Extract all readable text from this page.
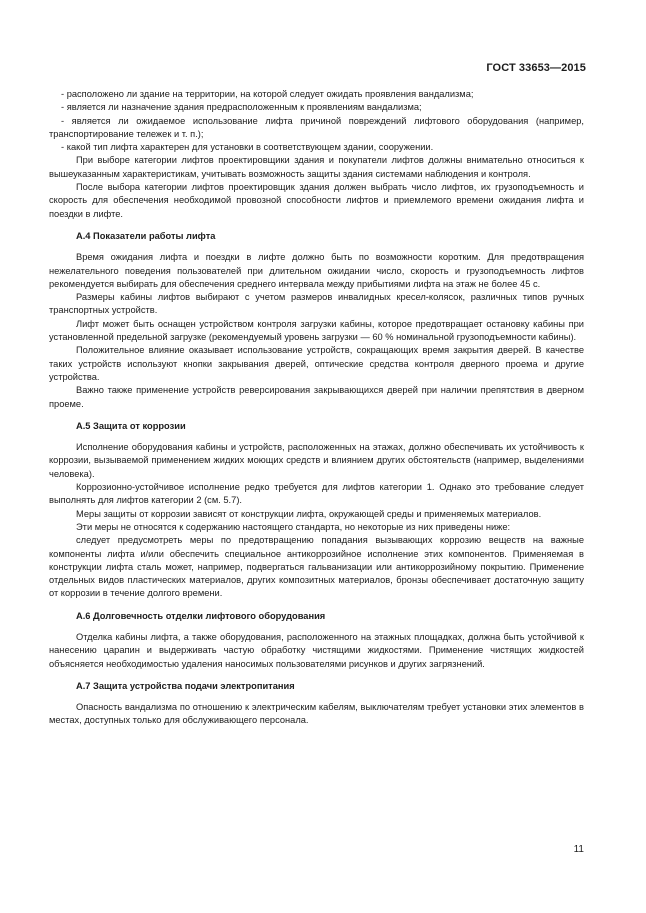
ГОСТ 33653—2015

- расположено ли здание на территории, на которой следует ожидать проявления вандализма;

- является ли назначение здания предрасположенным к проявлениям вандализма;

- является ли ожидаемое использование лифта причиной повреждений лифтового оборудования (например, транспортирование тележек и т. п.);

- какой тип лифта характерен для установки в соответствующем здании, сооружении.

При выборе категории лифтов проектировщики здания и покупатели лифтов должны внимательно относиться к вышеуказанным характеристикам, учитывать возможность защиты здания системами наблюдения и контроля.

После выбора категории лифтов проектировщик здания должен выбрать число лифтов, их грузоподъемность и скорость для обеспечения необходимой провозной способности лифтов и приемлемого времени ожидания лифта и поездки в лифте.

А.4 Показатели работы лифта

Время ожидания лифта и поездки в лифте должно быть по возможности коротким. Для предотвращения нежелательного поведения пользователей при длительном ожидании число, скорость и грузоподъемность лифтов рекомендуется выбирать для обеспечения среднего интервала между прибытиями лифта на этаж не более 45 с.

Размеры кабины лифтов выбирают с учетом размеров инвалидных кресел-колясок, различных типов ручных транспортных устройств.

Лифт может быть оснащен устройством контроля загрузки кабины, которое предотвращает остановку кабины при установленной предельной загрузке (рекомендуемый уровень загрузки — 60 % номинальной грузоподъемности кабины).

Положительное влияние оказывает использование устройств, сокращающих время закрытия дверей. В качестве таких устройств используют кнопки закрывания дверей, оптические средства контроля дверного проема и другие устройства.

Важно также применение устройств реверсирования закрывающихся дверей при наличии препятствия в дверном проеме.

А.5 Защита от коррозии

Исполнение оборудования кабины и устройств, расположенных на этажах, должно обеспечивать их устойчивость к коррозии, вызываемой применением жидких моющих средств и влиянием других обстоятельств (например, выделениями человека).

Коррозионно-устойчивое исполнение редко требуется для лифтов категории 1. Однако это требование следует выполнять для лифтов категории 2 (см. 5.7).

Меры защиты от коррозии зависят от конструкции лифта, окружающей среды и применяемых материалов.

Эти меры не относятся к содержанию настоящего стандарта, но некоторые из них приведены ниже:

следует предусмотреть меры по предотвращению попадания вызывающих коррозию веществ на важные компоненты лифта и/или обеспечить специальное антикоррозийное исполнение этих компонентов. Применяемая в конструкции лифта сталь может, например, подвергаться гальванизации или антикоррозийному покрытию. Применение отдельных видов пластических материалов, других композитных материалов, бронзы обеспечивает достаточную защиту от коррозии в течение долгого времени.

А.6 Долговечность отделки лифтового оборудования

Отделка кабины лифта, а также оборудования, расположенного на этажных площадках, должна быть устойчивой к нанесению царапин и выдерживать частую обработку чистящими жидкостями. Применение чистящих жидкостей объясняется необходимостью удаления наносимых пользователями рисунков и других загрязнений.

А.7 Защита устройства подачи электропитания

Опасность вандализма по отношению к электрическим кабелям, выключателям требует установки этих элементов в местах, доступных только для обслуживающего персонала.

11
